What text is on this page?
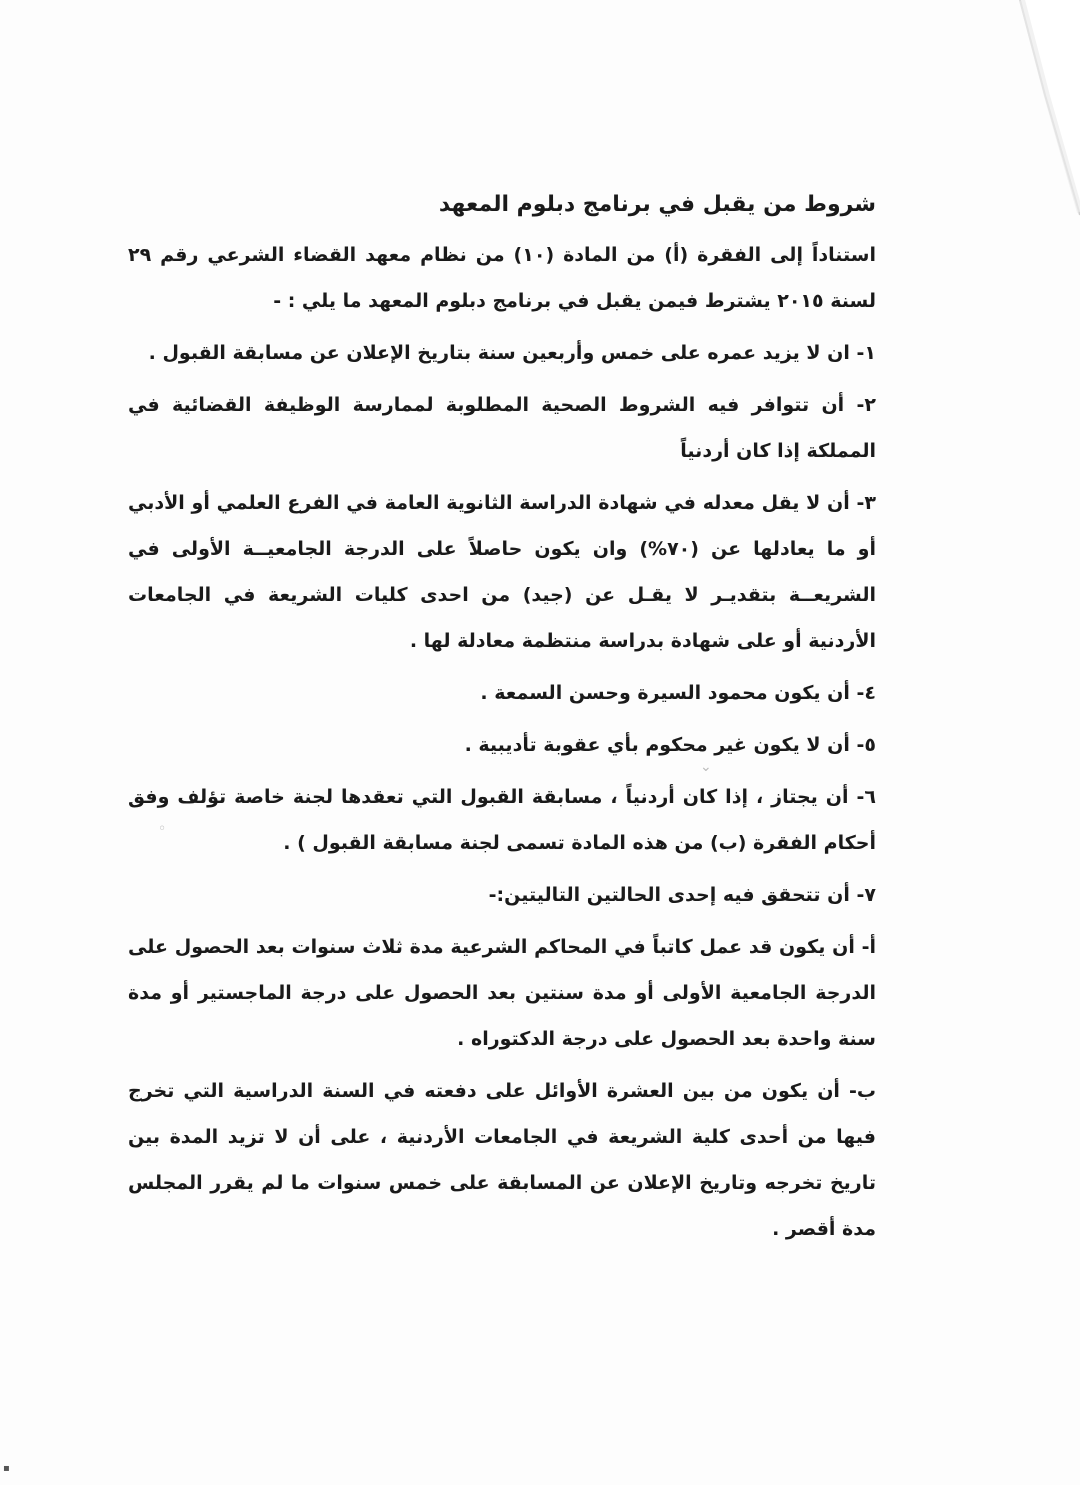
شروط من يقبل في برنامج دبلوم المعهد
استناداً إلى الفقرة (أ) من المادة (١٠) من نظام معهد القضاء الشرعي رقم ٢٩ لسنة ٢٠١٥ يشترط فيمن يقبل في برنامج دبلوم المعهد ما يلي : -
١- ان لا يزيد عمره على خمس وأربعين سنة بتاريخ الإعلان عن مسابقة القبول .
٢- أن تتوافر فيه الشروط الصحية المطلوبة لممارسة الوظيفة القضائية في المملكة إذا كان أردنياً
٣- أن لا يقل معدله في شهادة الدراسة الثانوية العامة في الفرع العلمي أو الأدبي أو ما يعادلها عن (٧٠%) وان يكون حاصلاً على الدرجة الجامعيــة الأولى في الشريعــة بتقديـر لا يقـل عن (جيد) من احدى كليات الشريعة في الجامعات الأردنية أو على شهادة بدراسة منتظمة معادلة لها .
٤- أن يكون محمود السيرة وحسن السمعة .
٥- أن لا يكون غير محكوم بأي عقوبة تأديبية .
٦- أن يجتاز ، إذا كان أردنياً ، مسابقة القبول التي تعقدها لجنة خاصة تؤلف وفق أحكام الفقرة (ب) من هذه المادة تسمى لجنة مسابقة القبول ) .
٧- أن تتحقق فيه إحدى الحالتين التاليتين:-
أ- أن يكون قد عمل كاتباً في المحاكم الشرعية مدة ثلاث سنوات بعد الحصول على الدرجة الجامعية الأولى أو مدة سنتين بعد الحصول على درجة الماجستير أو مدة سنة واحدة بعد الحصول على درجة الدكتوراه .
ب- أن يكون من بين العشرة الأوائل على دفعته في السنة الدراسية التي تخرج فيها من أحدى كلية الشريعة في الجامعات الأردنية ، على أن لا تزيد المدة بين تاريخ تخرجه وتاريخ الإعلان عن المسابقة على خمس سنوات ما لم يقرر المجلس مدة أقصر .
⌄
◦
▪
